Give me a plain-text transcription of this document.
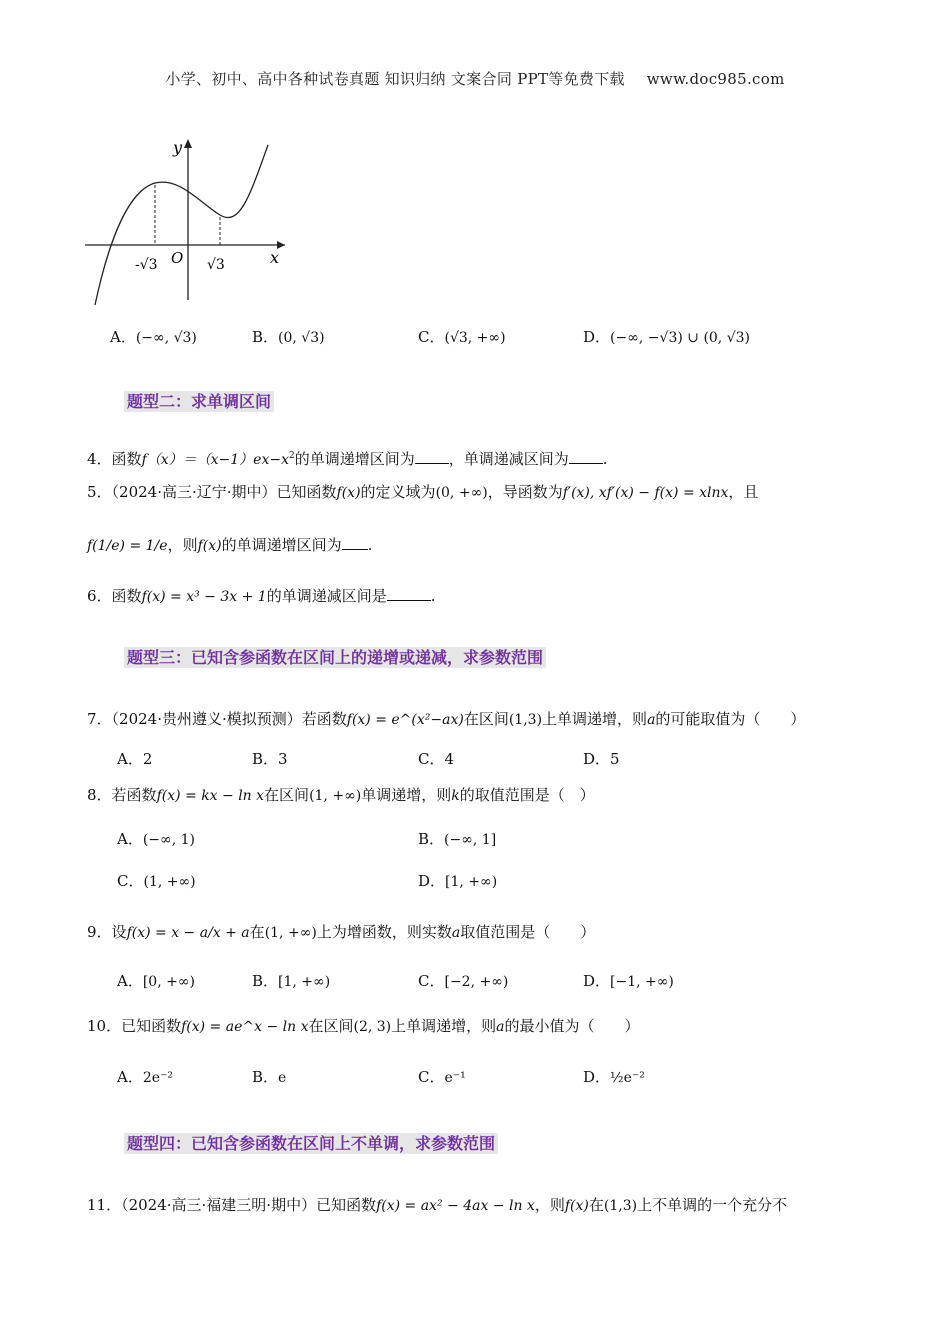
小学、初中、高中各种试卷真题 知识归纳 文案合同 PPT等免费下载 www.doc985.com
y
x
O
-√3	√3
A．(−∞, √3)	B．(0, √3)	C．(√3, +∞)	D．(−∞, −√3) ∪ (0, √3)
题型二：求单调区间
4．函数$f(x)=(x-1)ex-x^2$的单调递增区间为 ，单调递减区间为 .
5．（2024·高三·辽宁·期中）已知函数f(x)的定义域为(0, +∞)，导函数为f′(x), xf′(x) − f(x) = xlnx，且
f(1/e) = 1/e，则f(x)的单调递增区间为 .
6．函数f(x) = x³ − 3x + 1的单调递减区间是	.
题型三：已知含参函数在区间上的递增或递减，求参数范围
7．（2024·贵州遵义·模拟预测）若函数f(x) = e^(x²−ax)在区间(1,3)上单调递增，则a的可能取值为（　　）
A．2	B．3	C．4	D．5
8．若函数f(x) = kx − ln x在区间(1, +∞)单调递增，则k的取值范围是（　）
A．(−∞, 1)	B．(−∞, 1]
C．(1, +∞)	D．[1, +∞)
9．设f(x) = x − a/x + a在(1, +∞)上为增函数，则实数a取值范围是（　　）
A．[0, +∞)	B．[1, +∞)	C．[−2, +∞)	D．[−1, +∞)
10．已知函数f(x) = ae^x − ln x在区间(2, 3)上单调递增，则a的最小值为（　　）
A．2e⁻²	B．e	C．e⁻¹	D．½e⁻²
题型四：已知含参函数在区间上不单调，求参数范围
11．（2024·高三·福建三明·期中）已知函数f(x) = ax² − 4ax − ln x，则f(x)在(1,3)上不单调的一个充分不
